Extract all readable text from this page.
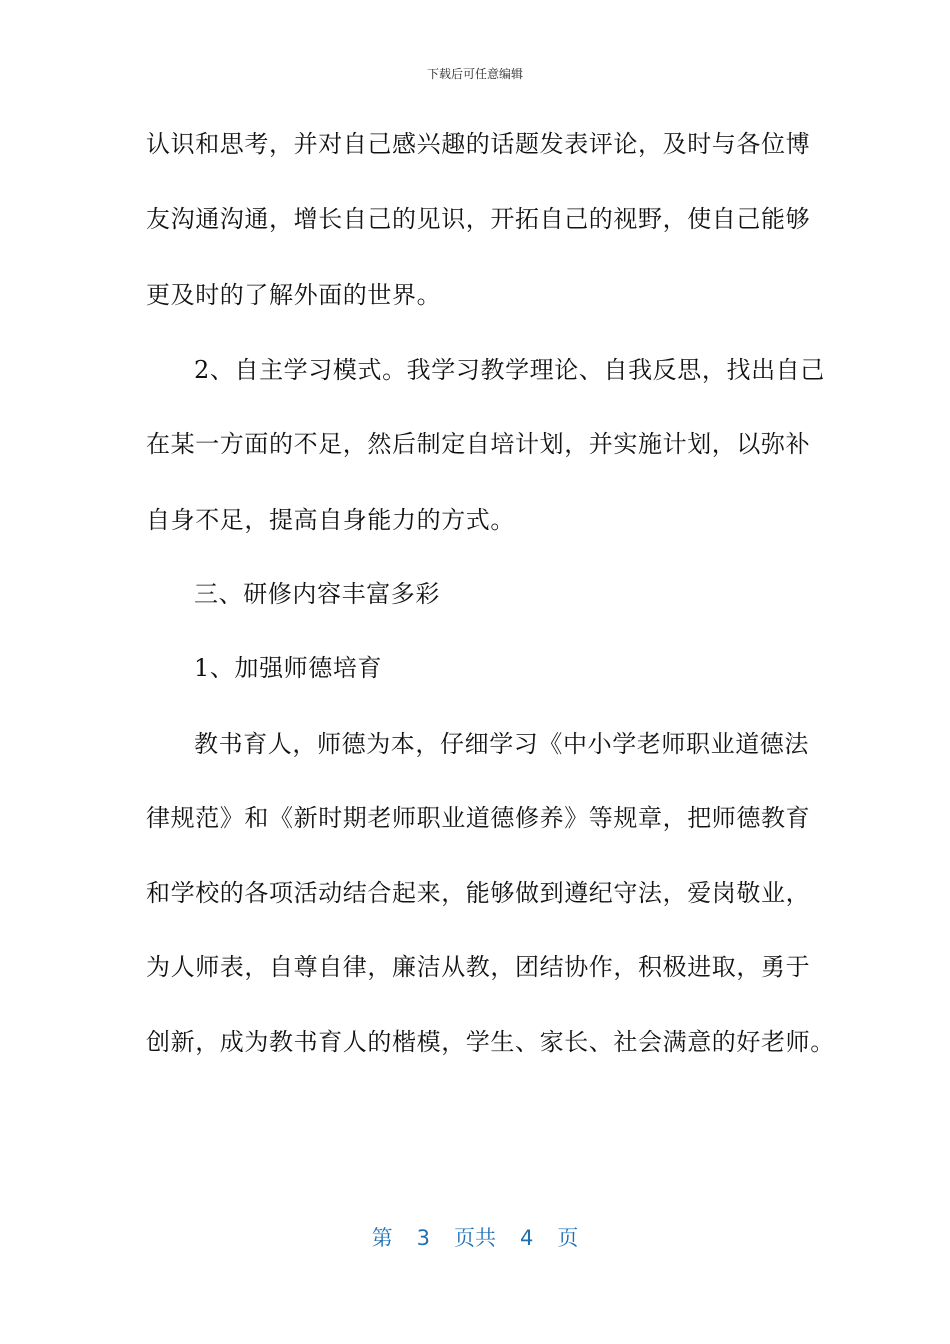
下载后可任意编辑
认识和思考，并对自己感兴趣的话题发表评论，及时与各位博
友沟通沟通，增长自己的见识，开拓自己的视野，使自己能够
更及时的了解外面的世界。
2、自主学习模式。我学习教学理论、自我反思，找出自己
在某一方面的不足，然后制定自培计划，并实施计划，以弥补
自身不足，提高自身能力的方式。
三、研修内容丰富多彩
1、加强师德培育
教书育人，师德为本，仔细学习《中小学老师职业道德法
律规范》和《新时期老师职业道德修养》等规章，把师德教育
和学校的各项活动结合起来，能够做到遵纪守法，爱岗敬业，
为人师表，自尊自律，廉洁从教，团结协作，积极进取，勇于
创新，成为教书育人的楷模，学生、家长、社会满意的好老师。
第 3 页共 4 页
